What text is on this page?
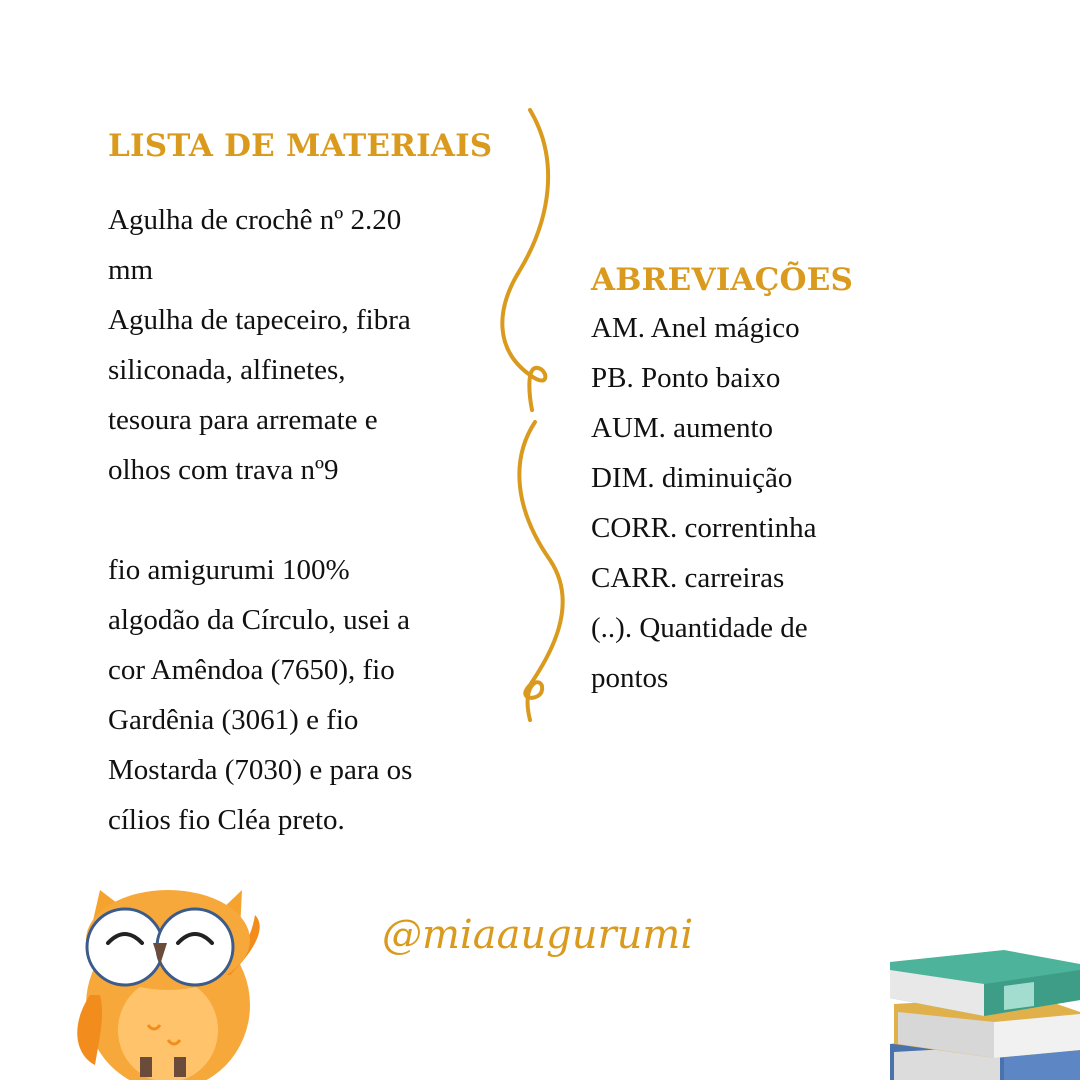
LISTA DE MATERIAIS
Agulha de crochê nº 2.20
mm
Agulha de tapeceiro, fibra
siliconada, alfinetes,
tesoura para arremate e
olhos com trava nº9

fio amigurumi 100%
algodão da Círculo, usei a
cor Amêndoa (7650), fio
Gardênia (3061) e fio
Mostarda (7030) e para os
cílios fio Cléa preto.
ABREVIAÇÕES
AM. Anel mágico
PB. Ponto baixo
AUM. aumento
DIM. diminuição
CORR. correntinha
CARR. carreiras
(..). Quantidade de
pontos
@miaaugurumi
